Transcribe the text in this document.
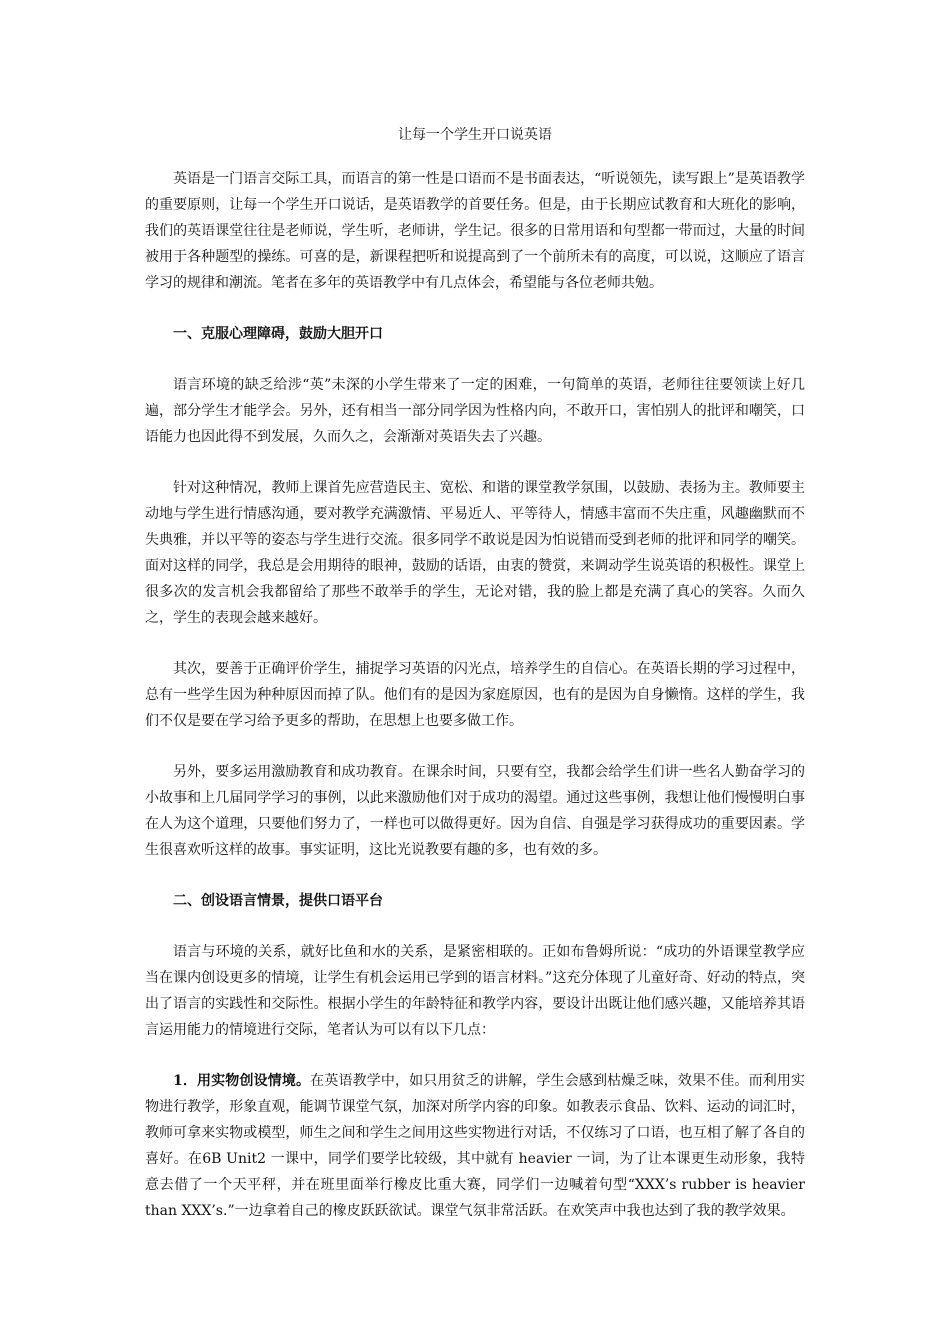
让每一个学生开口说英语

英语是一门语言交际工具，而语言的第一性是口语而不是书面表达，“听说领先，读写跟上”是英语教学的重要原则，让每一个学生开口说话，是英语教学的首要任务。但是，由于长期应试教育和大班化的影响，我们的英语课堂往往是老师说，学生听，老师讲，学生记。很多的日常用语和句型都一带而过，大量的时间被用于各种题型的操练。可喜的是，新课程把听和说提高到了一个前所未有的高度，可以说，这顺应了语言学习的规律和潮流。笔者在多年的英语教学中有几点体会，希望能与各位老师共勉。

一、克服心理障碍，鼓励大胆开口

语言环境的缺乏给涉“英”未深的小学生带来了一定的困难，一句简单的英语，老师往往要领读上好几遍，部分学生才能学会。另外，还有相当一部分同学因为性格内向，不敢开口，害怕别人的批评和嘲笑，口语能力也因此得不到发展，久而久之，会渐渐对英语失去了兴趣。

针对这种情况，教师上课首先应营造民主、宽松、和谐的课堂教学氛围，以鼓励、表扬为主。教师要主动地与学生进行情感沟通，要对教学充满激情、平易近人、平等待人，情感丰富而不失庄重，风趣幽默而不失典雅，并以平等的姿态与学生进行交流。很多同学不敢说是因为怕说错而受到老师的批评和同学的嘲笑。面对这样的同学，我总是会用期待的眼神，鼓励的话语，由衷的赞赏，来调动学生说英语的积极性。课堂上很多次的发言机会我都留给了那些不敢举手的学生，无论对错，我的脸上都是充满了真心的笑容。久而久之，学生的表现会越来越好。

其次，要善于正确评价学生，捕捉学习英语的闪光点，培养学生的自信心。在英语长期的学习过程中，总有一些学生因为种种原因而掉了队。他们有的是因为家庭原因，也有的是因为自身懒惰。这样的学生，我们不仅是要在学习给予更多的帮助，在思想上也要多做工作。

另外，要多运用激励教育和成功教育。在课余时间，只要有空，我都会给学生们讲一些名人勤奋学习的小故事和上几届同学学习的事例，以此来激励他们对于成功的渴望。通过这些事例，我想让他们慢慢明白事在人为这个道理，只要他们努力了，一样也可以做得更好。因为自信、自强是学习获得成功的重要因素。学生很喜欢听这样的故事。事实证明，这比光说教要有趣的多，也有效的多。

二、创设语言情景，提供口语平台

语言与环境的关系，就好比鱼和水的关系，是紧密相联的。正如布鲁姆所说：“成功的外语课堂教学应当在课内创设更多的情境，让学生有机会运用已学到的语言材料。”这充分体现了儿童好奇、好动的特点，突出了语言的实践性和交际性。根据小学生的年龄特征和教学内容，要设计出既让他们感兴趣，又能培养其语言运用能力的情境进行交际，笔者认为可以有以下几点：

1．用实物创设情境。在英语教学中，如只用贫乏的讲解，学生会感到枯燥乏味，效果不佳。而利用实物进行教学，形象直观，能调节课堂气氛，加深对所学内容的印象。如教表示食品、饮料、运动的词汇时，教师可拿来实物或模型，师生之间和学生之间用这些实物进行对话，不仅练习了口语，也互相了解了各自的喜好。在6B Unit2 一课中，同学们要学比较级，其中就有 heavier 一词，为了让本课更生动形象，我特意去借了一个天平秤，并在班里面举行橡皮比重大赛，同学们一边喊着句型“XXX’s rubber is heavier than XXX’s.”一边拿着自己的橡皮跃跃欲试。课堂气氛非常活跃。在欢笑声中我也达到了我的教学效果。
